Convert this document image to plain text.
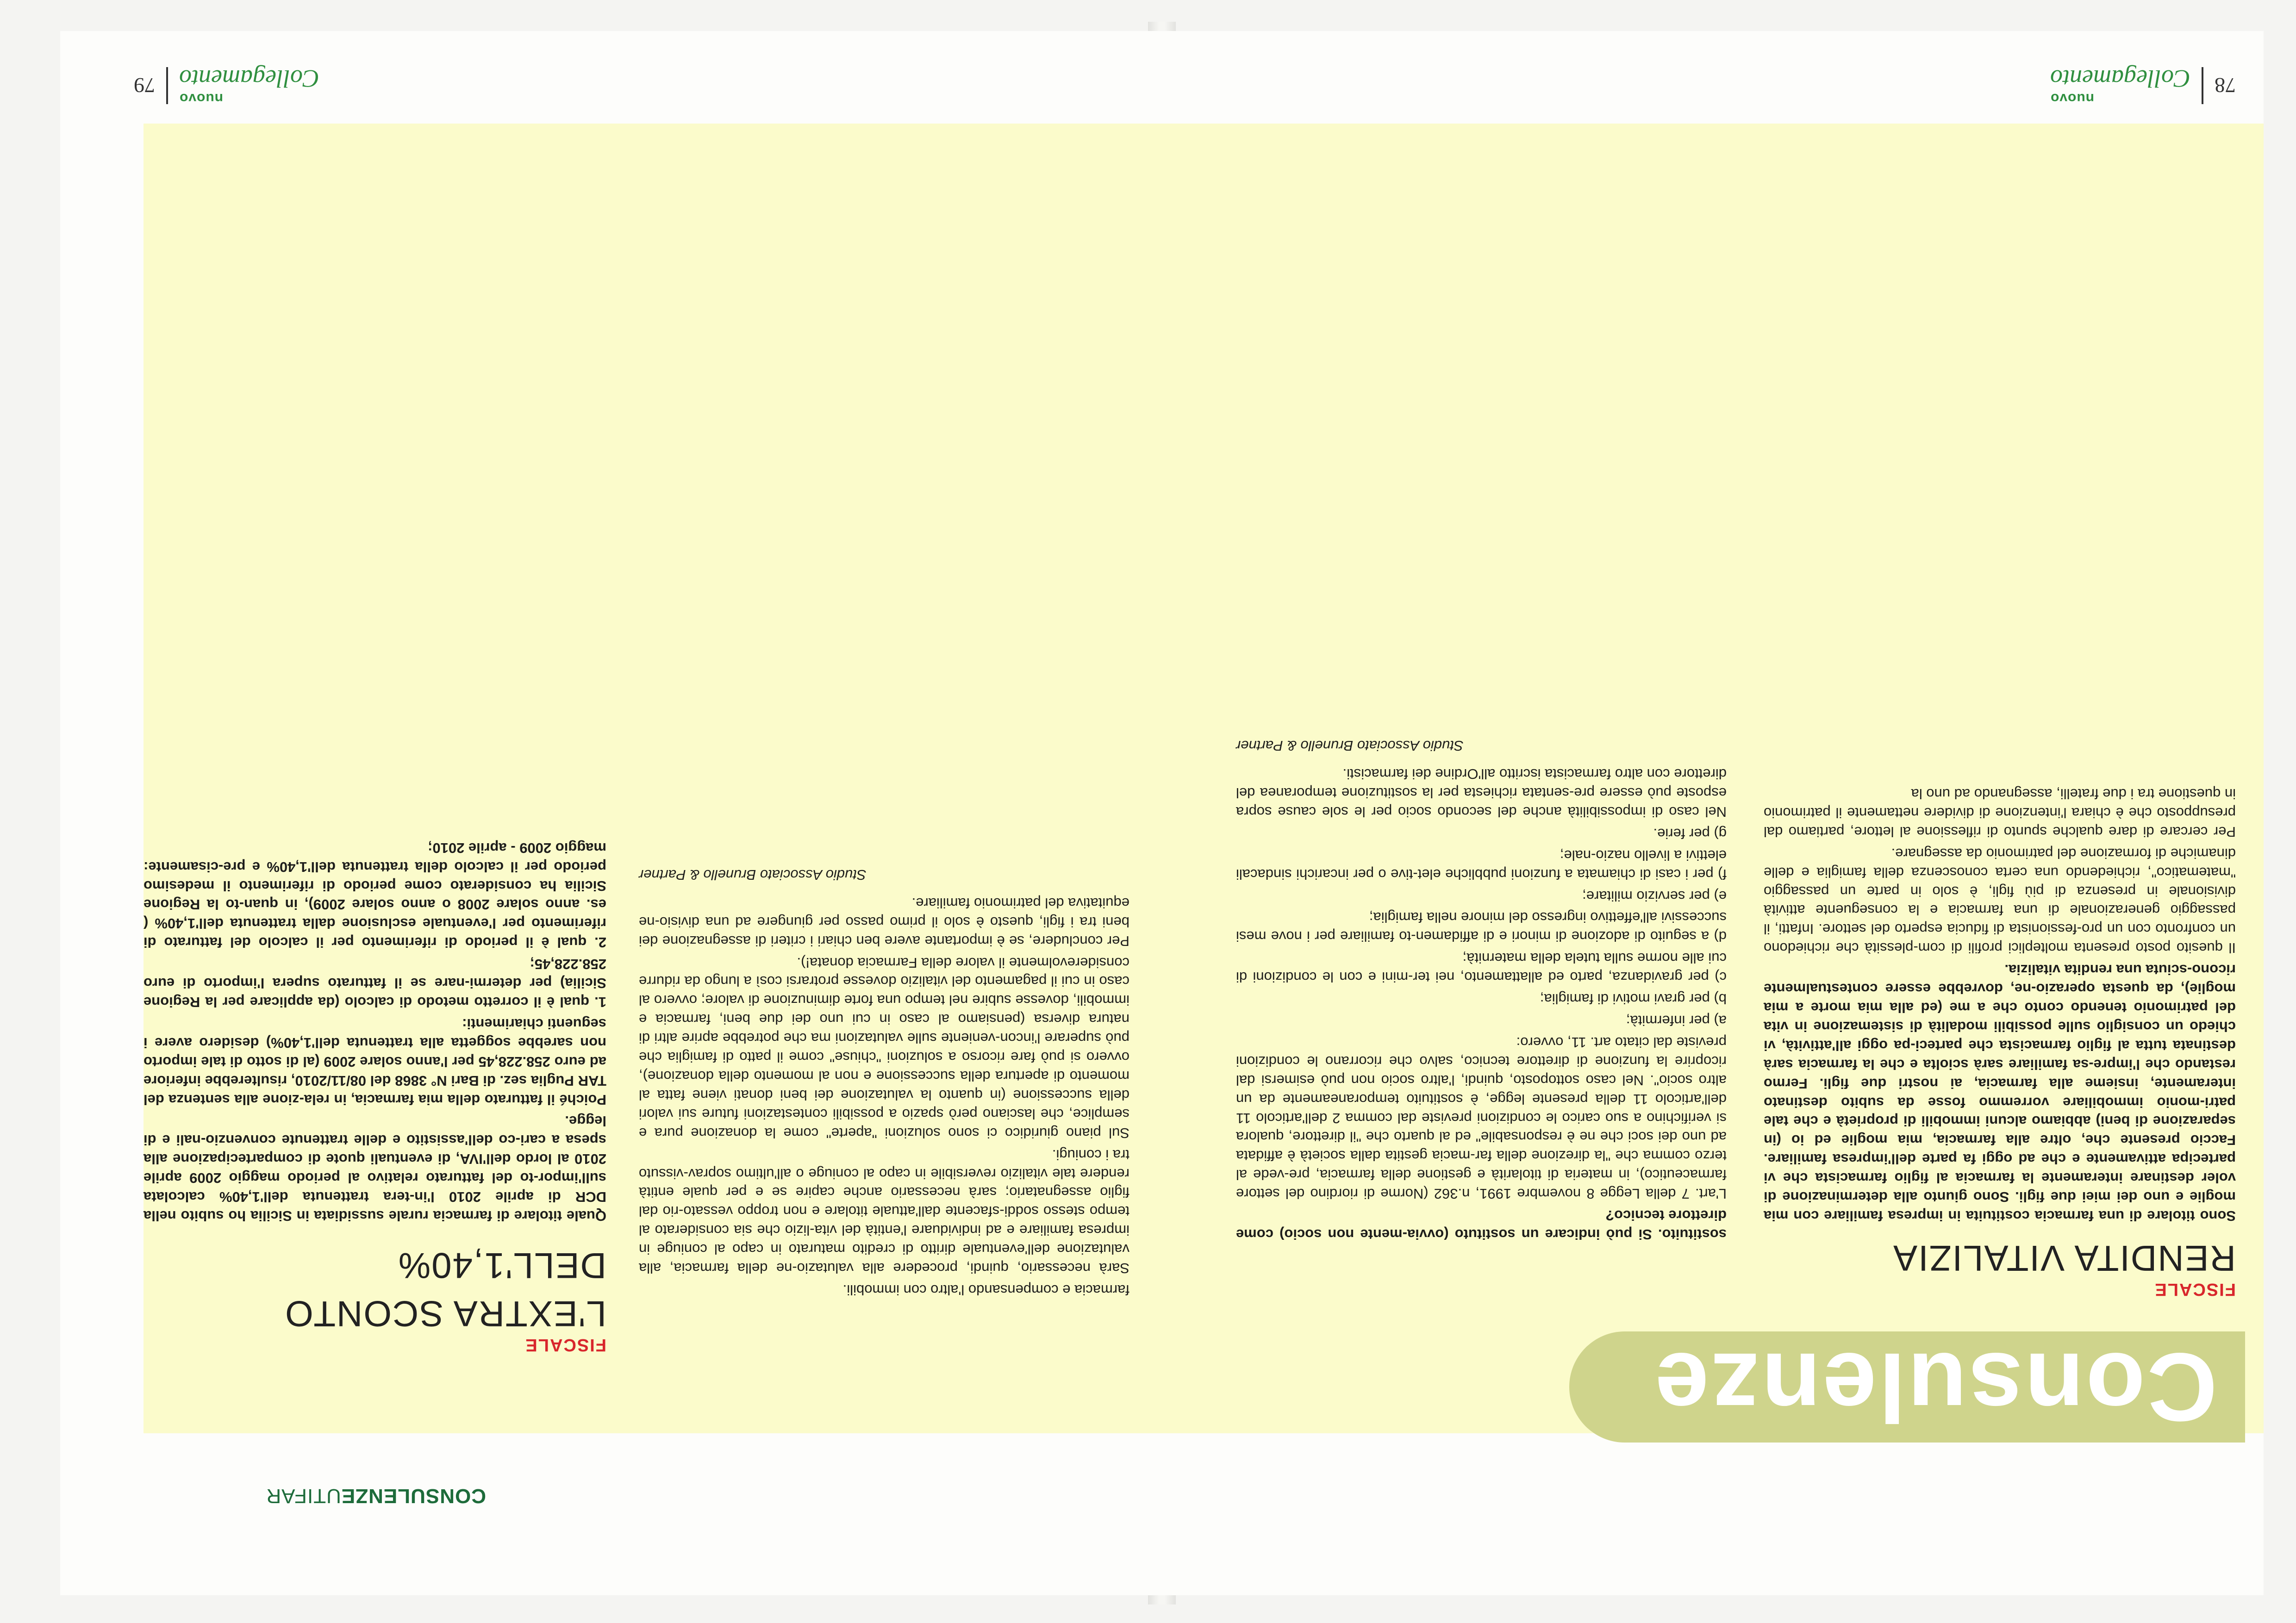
Consulenze
FISCALE
RENDITA VITALIZIA

Sono titolare di una farmacia costituita in impresa familiare con mia moglie e uno dei miei due figli. Sono giunto alla determinazione di voler destinare interamente la farmacia al figlio farmacista che vi partecipa attivamente e che ad oggi fa parte dell'impresa familiare. Faccio presente che, oltre alla farmacia, mia moglie ed io (in separazione di beni) abbiamo alcuni immobili di proprietà e che tale patri-monio immobiliare vorremmo fosse da subito destinato interamente, insieme alla farmacia, ai nostri due figli. Fermo restando che l'impre-sa familiare sarà sciolta e che la farmacia sarà destinata tutta al figlio farmacista che parteci-pa oggi all'attività, vi chiedo un consiglio sulle possibili modalità di sistemazione in vita del patrimonio tenendo conto che a me (ed alla mia morte a mia moglie), da questa operazio-ne, dovrebbe essere contestualmente ricono-sciuta una rendita vitalizia.

Il quesito posto presenta molteplici profili di com-plessità che richiedono un confronto con un pro-fessionista di fiducia esperto del settore. Infatti, il passaggio generazionale di una farmacia e la conseguente attività divisionale in presenza di più figli, è solo in parte un passaggio "matematico", richiedendo una certa conoscenza della famiglia e delle dinamiche di formazione del patrimonio da assegnare.

Per cercare di dare qualche spunto di riflessione al lettore, partiamo dal presupposto che è chiara l'intenzione di dividere nettamente il patrimonio in questione tra i due fratelli, assegnando ad uno la

sostituito. Si può indicare un sostituto (ovvia-mente non socio) come direttore tecnico?

L'art. 7 della Legge 8 novembre 1991, n.362 (Norme di riordino del settore farmaceutico), in materia di titolarità e gestione della farmacia, pre-vede al terzo comma che "la direzione della far-macia gestita dalla società è affidata ad uno dei soci che ne è responsabile" ed al quarto che "il direttore, qualora si verifichino a suo carico le condizioni previste dal comma 2 dell'articolo 11 dell'articolo 11 della presente legge, è sostituito temporaneamente da un altro socio". Nel caso sottoposto, quindi, l'altro socio non può esimersi dal ricoprire la funzione di direttore tecnico, salvo che ricorrano le condizioni previste dal citato art. 11, ovvero:

a) per infermità;

b) per gravi motivi di famiglia;

c) per gravidanza, parto ed allattamento, nei ter-mini e con le condizioni di cui alle norme sulla tutela della maternità;

d) a seguito di adozione di minori e di affidamen-to familiare per i nove mesi successivi all'effettivo ingresso del minore nella famiglia;

e) per servizio militare;

f) per i casi di chiamata a funzioni pubbliche elet-tive o per incarichi sindacali elettivi a livello nazio-nale;

g) per ferie.

Nel caso di impossibilità anche del secondo socio per le sole cause sopra esposte può essere pre-sentata richiesta per la sostituzione temporanea del direttore con altro farmacista iscritto all'Ordine dei farmacisti.

Studio Associato Brunello & Partner
78
nuovo
Collegamento
CONSULENZE
UTIFAR

farmacia e compensando l'altro con immobili.

Sarà necessario, quindi, procedere alla valutazio-ne della farmacia, alla valutazione dell'eventuale diritto di credito maturato in capo al coniuge in impresa familiare e ad individuare l'entità del vita-lizio che sia considerato al tempo stesso soddi-sfacente dall'attuale titolare e non troppo vessato-rio dal figlio assegnatario; sarà necessario anche capire se e per quale entità rendere tale vitalizio reversibile in capo al coniuge o all'ultimo soprav-vissuto tra i coniugi.

Sul piano giuridico ci sono soluzioni "aperte" come la donazione pura e semplice, che lasciano però spazio a possibili contestazioni future sui valori della successione (in quanto la valutazione dei beni donati viene fatta al momento di apertura della successione e non al momento della donazione), ovvero si può fare ricorso a soluzioni "chiuse" come il patto di famiglia che può superare l'incon-veniente sulle valutazioni ma che potrebbe aprire altri di natura diversa (pensiamo al caso in cui uno dei due beni, farmacia e immobili, dovesse subire nel tempo una forte diminuzione di valore; ovvero al caso in cui il pagamento del vitalizio dovesse protrarsi così a lungo da ridurre considerevolmente il valore della Farmacia donata!).

Per concludere, se è importante avere ben chiari i criteri di assegnazione dei beni tra i figli, questo è solo il primo passo per giungere ad una divisio-ne equitativa del patrimonio familiare.

Studio Associato Brunello & Partner
FISCALE
L'EXTRA SCONTO
DELL'1,40%

Quale titolare di farmacia rurale sussidiata in Sicilia ho subito nella DCR di aprile 2010 l'in-tera trattenuta dell'1,40% calcolata sull'impor-to del fatturato relativo al periodo maggio 2009 aprile 2010 al lordo dell'IVA, di eventuali quote di compartecipazione alla spesa a cari-co dell'assistito e delle trattenute convenzio-nali e di legge.

Poiché il fatturato della mia farmacia, in rela-zione alla sentenza del TAR Puglia sez. di Bari N° 3868 del 08/11/2010, risulterebbe inferiore ad euro 258.228,45 per l'anno solare 2009 (al di sotto di tale importo non sarebbe soggetta alla trattenuta dell'1,40%) desidero avere i seguenti chiarimenti:

1. qual è il corretto metodo di calcolo (da applicare per la Regione Sicilia) per determi-nare se il fatturato supera l'importo di euro 258.228,45;

2. qual è il periodo di riferimento per il calcolo del fatturato di riferimento per l'eventuale esclusione dalla trattenuta dell'1,40% ( es. anno solare 2008 o anno solare 2009), in quan-to la Regione Sicilia ha considerato come periodo di riferimento il medesimo periodo per il calcolo della trattenuta dell'1,40% e pre-cisamente: maggio 2009 - aprile 2010;

nuovo
Collegamento
79
